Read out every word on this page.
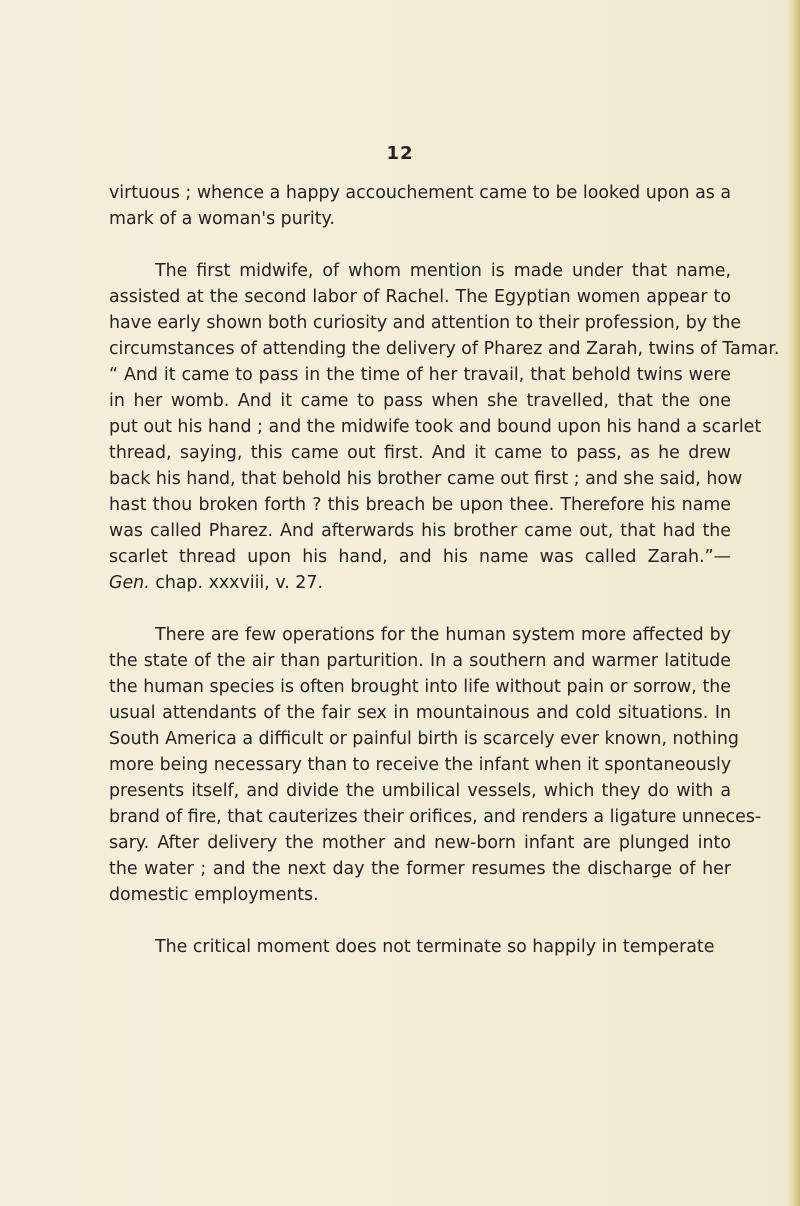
12
virtuous ; whence a happy accouchement came to be looked upon as a
mark of a woman's purity.
The first midwife, of whom mention is made under that name,
assisted at the second labor of Rachel. The Egyptian women appear to
have early shown both curiosity and attention to their profession, by the
circumstances of attending the delivery of Pharez and Zarah, twins of Tamar.
“ And it came to pass in the time of her travail, that behold twins were
in her womb. And it came to pass when she travelled, that the one
put out his hand ; and the midwife took and bound upon his hand a scarlet
thread, saying, this came out first. And it came to pass, as he drew
back his hand, that behold his brother came out first ; and she said, how
hast thou broken forth ? this breach be upon thee. Therefore his name
was called Pharez. And afterwards his brother came out, that had the
scarlet thread upon his hand, and his name was called Zarah.”—
Gen. chap. xxxviii, v. 27.
There are few operations for the human system more affected by
the state of the air than parturition. In a southern and warmer latitude
the human species is often brought into life without pain or sorrow, the
usual attendants of the fair sex in mountainous and cold situations. In
South America a difficult or painful birth is scarcely ever known, nothing
more being necessary than to receive the infant when it spontaneously
presents itself, and divide the umbilical vessels, which they do with a
brand of fire, that cauterizes their orifices, and renders a ligature unneces-
sary. After delivery the mother and new-born infant are plunged into
the water ; and the next day the former resumes the discharge of her
domestic employments.
The critical moment does not terminate so happily in temperate
